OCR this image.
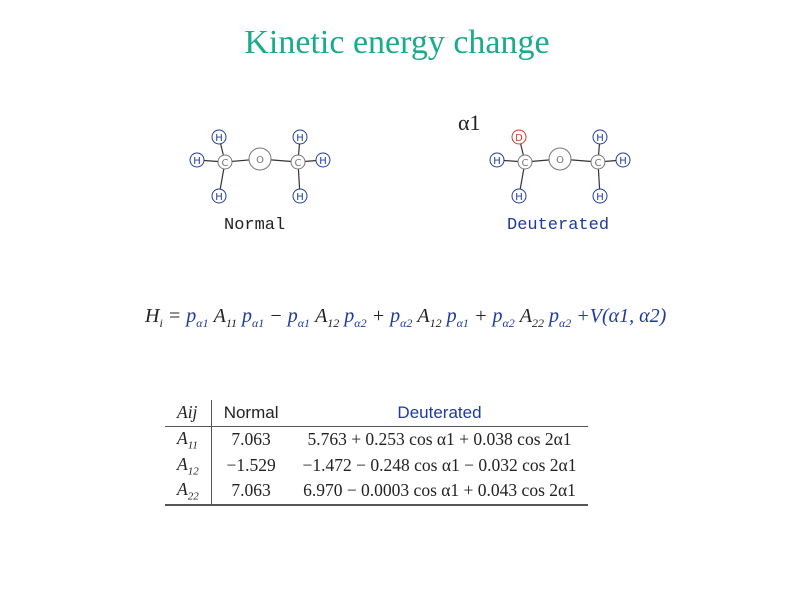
Kinetic energy change
α1
H	H
H	H
H	H
C	C
O
D	H
H	H
H	H
C	C
O
Normal	Deuterated
$H_i = p_{\alpha 1}$ $A_{11}$ $p_{\alpha 1} - p_{\alpha 1}$ $A_{12}$ $p_{\alpha 2} + p_{\alpha 2}$ $A_{12}$ $p_{\alpha 1} + p_{\alpha 2}$ $A_{22}$ $p_{\alpha 2} +V(\alpha 1$, α2)
Aij	Normal	Deuterated
$A_{11}$	7.063	5.763 + 0.253 cos α1 + 0.038 cos 2α1
$A_{12}$	−1.529	−1.472 − 0.248 cos α1 − 0.032 cos 2α1
$A_{22}$	7.063	6.970 − 0.0003 cos α1 + 0.043 cos 2α1
